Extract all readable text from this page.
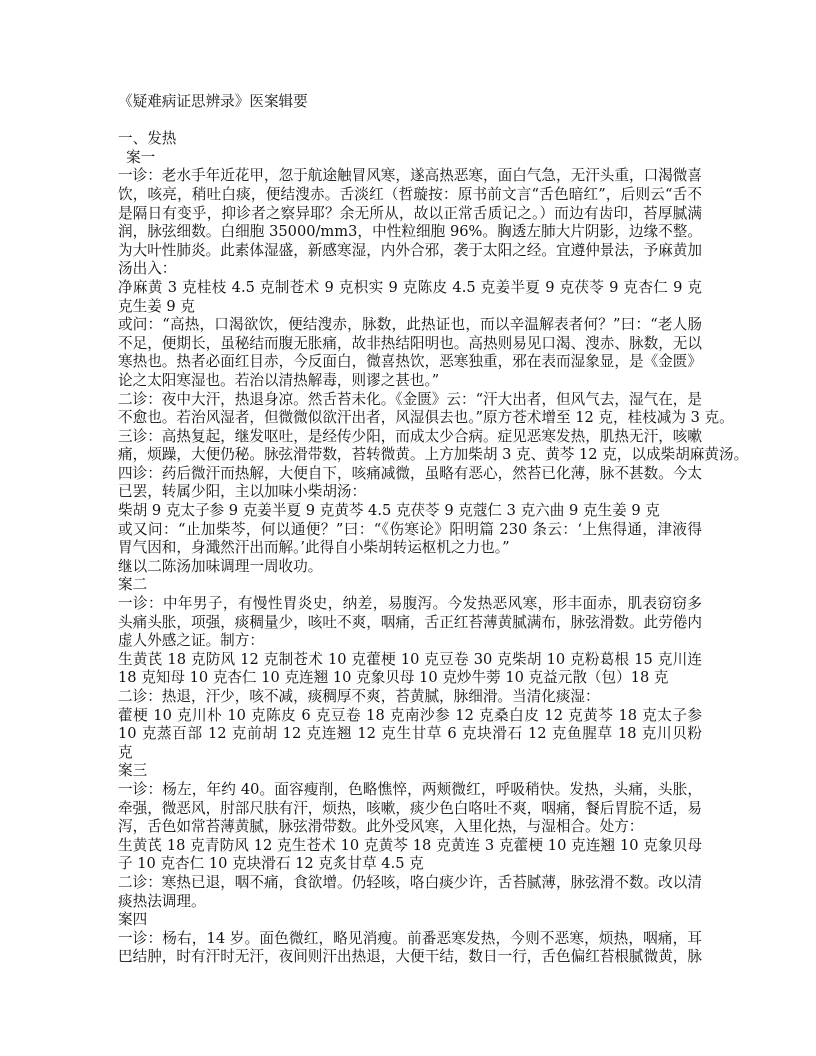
《疑难病证思辨录》医案辑要
一、发热
案一
一诊：老水手年近花甲，忽于航途触冒风寒，遂高热恶寒，面白气急，无汗头重，口渴微喜
饮，咳亮，稍吐白痰，便结溲赤。舌淡红（哲璇按：原书前文言“舌色暗红”，后则云“舌不
是隔日有变乎，抑诊者之察异耶？余无所从，故以正常舌质记之。）而边有齿印，苔厚腻满
润，脉弦细数。白细胞 35000/mm3，中性粒细胞 96%。胸透左肺大片阴影，边缘不整。
为大叶性肺炎。此素体湿盛，新感寒湿，内外合邪，袭于太阳之经。宜遵仲景法，予麻黄加
汤出入：
净麻黄 3 克桂枝 4.5 克制苍术 9 克枳实 9 克陈皮 4.5 克姜半夏 9 克茯苓 9 克杏仁 9 克
克生姜 9 克
或问：“高热，口渴欲饮，便结溲赤，脉数，此热证也，而以辛温解表者何？”曰：“老人肠
不足，便期长，虽秘结而腹无胀痛，故非热结阳明也。高热则易见口渴、溲赤、脉数，无以
寒热也。热者必面红目赤，今反面白，微喜热饮，恶寒独重，邪在表而湿象显，是《金匮》
论之太阳寒湿也。若治以清热解毒，则谬之甚也。”
二诊：夜中大汗，热退身凉。然舌苔未化。《金匮》云：“汗大出者，但风气去，湿气在，是
不愈也。若治风湿者，但微微似欲汗出者，风湿俱去也。”原方苍术增至 12 克，桂枝减为 3 克。
三诊：高热复起，继发呕吐，是经传少阳，而成太少合病。症见恶寒发热，肌热无汗，咳嗽
痛，烦躁，大便仍秘。脉弦滑带数，苔转微黄。上方加柴胡 3 克、黄芩 12 克，以成柴胡麻黄汤。
四诊：药后微汗而热解，大便自下，咳痛减微，虽略有恶心，然苔已化薄，脉不甚数。今太
已罢，转属少阳，主以加味小柴胡汤：
柴胡 9 克太子参 9 克姜半夏 9 克黄芩 4.5 克茯苓 9 克蔻仁 3 克六曲 9 克生姜 9 克
或又问：“止加柴芩，何以通便？”曰：“《伤寒论》阳明篇 230 条云：‘上焦得通，津液得
胃气因和，身濈然汗出而解。’此得自小柴胡转运枢机之力也。”
继以二陈汤加味调理一周收功。
案二
一诊：中年男子，有慢性胃炎史，纳差，易腹泻。今发热恶风寒，形丰面赤，肌表窃窃多
头痛头胀，项强，痰稠量少，咳吐不爽，咽痛，舌正红苔薄黄腻满布，脉弦滑数。此劳倦内
虚人外感之证。制方：
生黄芪 18 克防风 12 克制苍术 10 克藿梗 10 克豆卷 30 克柴胡 10 克粉葛根 15 克川连
18 克知母 10 克杏仁 10 克连翘 10 克象贝母 10 克炒牛蒡 10 克益元散（包）18 克
二诊：热退，汗少，咳不减，痰稠厚不爽，苔黄腻，脉细滑。当清化痰湿：
藿梗 10 克川朴 10 克陈皮 6 克豆卷 18 克南沙参 12 克桑白皮 12 克黄芩 18 克太子参
10 克蒸百部 12 克前胡 12 克连翘 12 克生甘草 6 克块滑石 12 克鱼腥草 18 克川贝粉
克
案三
一诊：杨左，年约 40。面容瘦削，色略憔悴，两颊微红，呼吸稍快。发热，头痛，头胀，
牵强，微恶风，肘部尺肤有汗，烦热，咳嗽，痰少色白咯吐不爽，咽痛，餐后胃脘不适，易
泻，舌色如常苔薄黄腻，脉弦滑带数。此外受风寒，入里化热，与湿相合。处方：
生黄芪 18 克青防风 12 克生苍术 10 克黄芩 18 克黄连 3 克藿梗 10 克连翘 10 克象贝母
子 10 克杏仁 10 克块滑石 12 克炙甘草 4.5 克
二诊：寒热已退，咽不痛，食欲增。仍轻咳，咯白痰少许，舌苔腻薄，脉弦滑不数。改以清
痰热法调理。
案四
一诊：杨右，14 岁。面色微红，略见消瘦。前番恶寒发热，今则不恶寒，烦热，咽痛，耳
巴结肿，时有汗时无汗，夜间则汗出热退，大便干结，数日一行，舌色偏红苔根腻微黄，脉
